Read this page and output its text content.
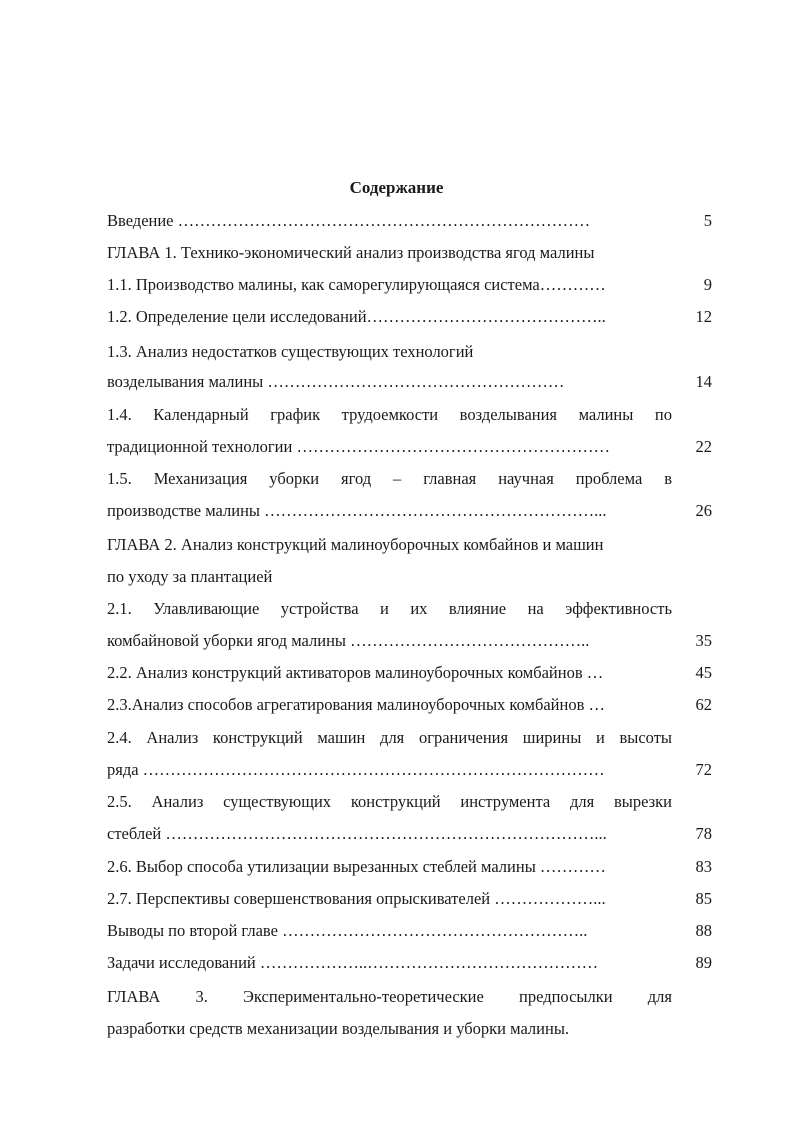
Содержание
Введение …………………………………………………………………	5
ГЛАВА 1. Технико-экономический анализ производства ягод малины
1.1. Производство малины, как саморегулирующаяся система…………	9
1.2. Определение цели исследований……………………………………..	12
1.3. Анализ недостатков существующих технологий
возделывания малины ………………………………………………	14
1.4. Календарный график трудоемкости возделывания малины по
традиционной технологии …………………………………………………	22
1.5. Механизация уборки ягод – главная научная проблема в
производстве малины ……………………………………………………...	26
ГЛАВА 2. Анализ конструкций малиноуборочных комбайнов и машин
по уходу за плантацией
2.1. Улавливающие устройства и их влияние на эффективность
комбайновой уборки ягод малины ……………………………………..	35
2.2. Анализ конструкций активаторов малиноуборочных комбайнов …	45
2.3.Анализ способов агрегатирования малиноуборочных комбайнов …	62
2.4. Анализ конструкций машин для ограничения ширины и высоты
ряда …………………………………………………………………………	72
2.5. Анализ существующих конструкций инструмента для вырезки
стеблей ……………………………………………………………………...	78
2.6. Выбор способа утилизации вырезанных стеблей малины …………	83
2.7. Перспективы совершенствования опрыскивателей ………………...	85
Выводы по второй главе ………………………………………………..	88
Задачи исследований ………………..……………………………………	89
ГЛАВА 3. Экспериментально-теоретические предпосылки для
разработки средств механизации возделывания и уборки малины.
